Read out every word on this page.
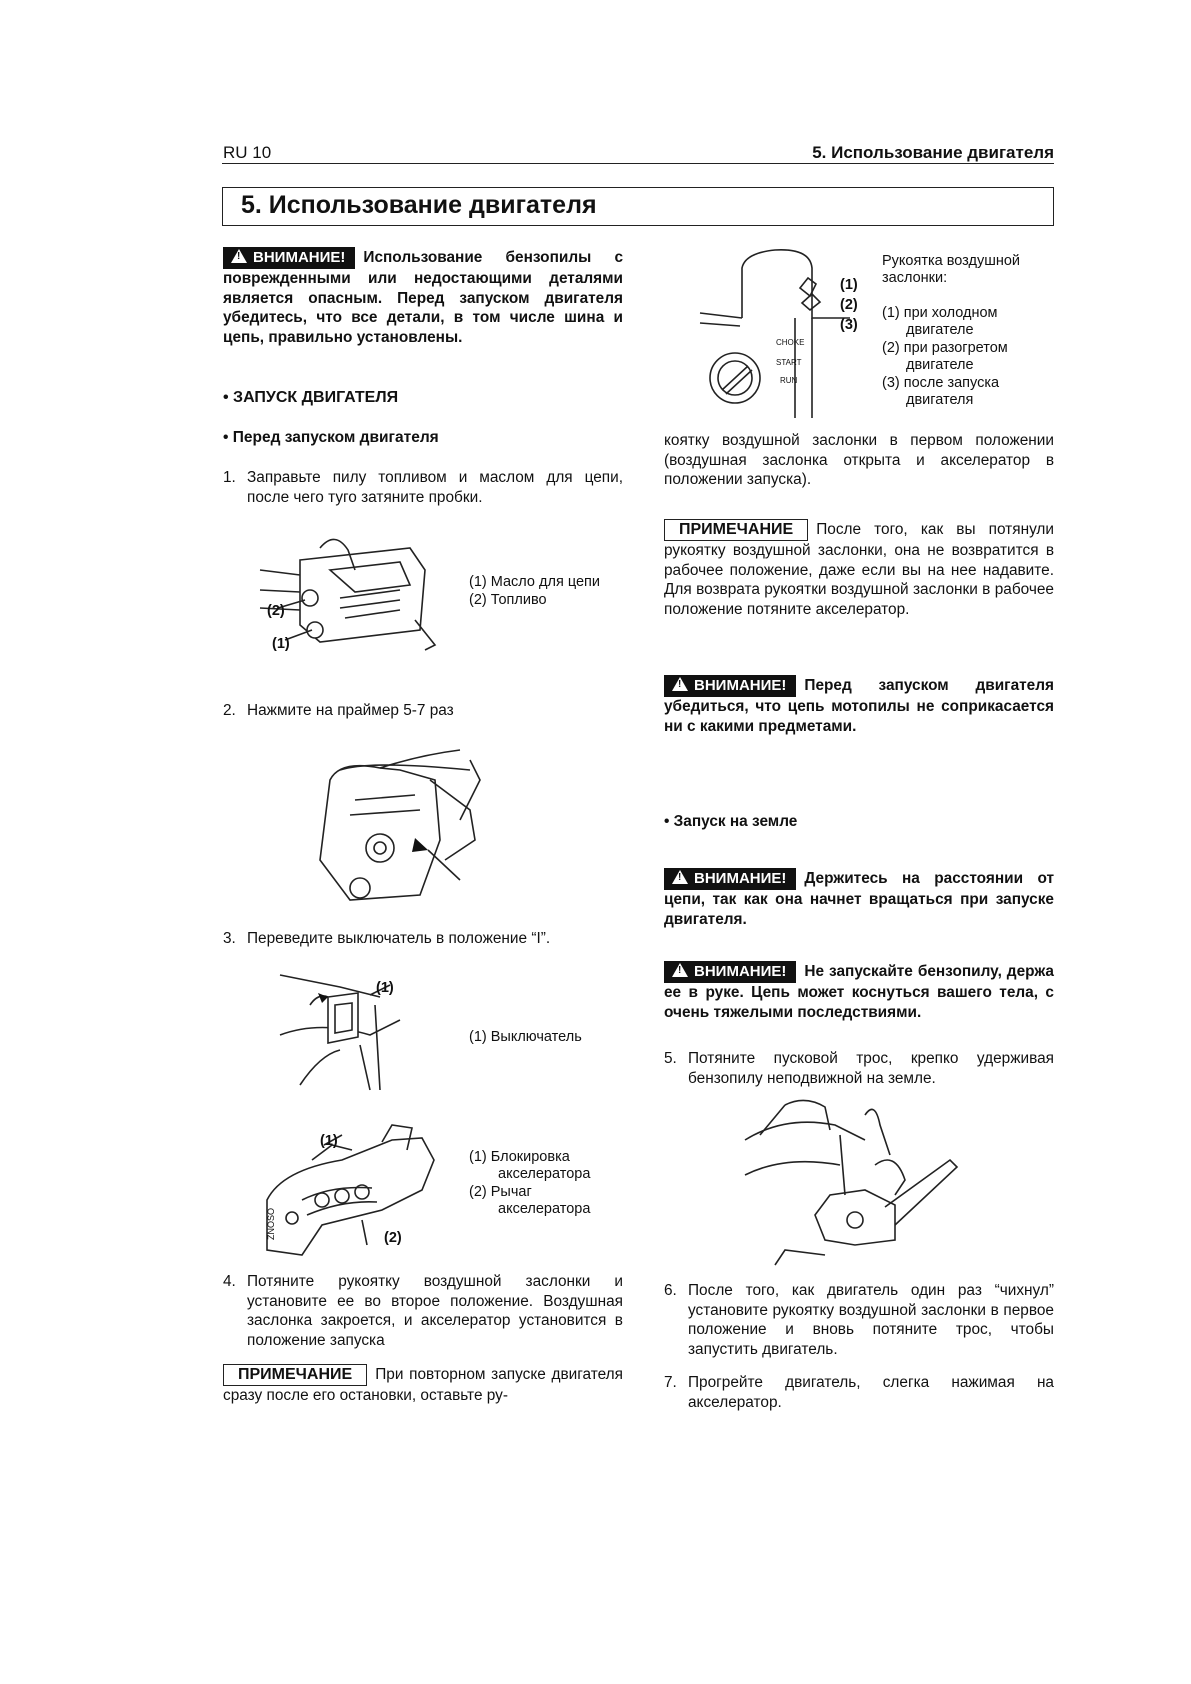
RU 10	5. Использование двигателя
5. Использование двигателя
! ВНИМАНИЕ! Использование бензопилы с поврежденными или недостающими деталями является опасным. Перед запуском двигателя убедитесь, что все детали, в том числе шина и цепь, правильно установлены.
• ЗАПУСК ДВИГАТЕЛЯ
• Перед запуском двигателя
1. Заправьте пилу топливом и маслом для цепи, после чего туго затяните пробки.
(2)
(1)
(1) Масло для цепи
(2) Топливо
2. Нажмите на праймер 5-7 раз
3. Переведите выключатель в положение “I”.
(1)
(1) Выключатель
(1)
(2)
ZNOSO
(1) Блокировка
акселератора
(2) Рычаг
акселератора
4. Потяните рукоятку воздушной заслонки и установите ее во второе положение. Воздушная заслонка закроется, и акселератор установится в положение запуска
ПРИМЕЧАНИЕ При повторном запуске двигателя сразу после его остановки, оставьте ру-
CHOKE
START
RUN
(1)
(2)
(3)
Рукоятка воздушной
заслонки:
(1) при холодном
двигателе
(2) при разогретом
двигателе
(3) после запуска
двигателя
коятку воздушной заслонки в первом положении (воздушная заслонка открыта и акселератор в положении запуска).
ПРИМЕЧАНИЕ После того, как вы потянули рукоятку воздушной заслонки, она не возвратится в рабочее положение, даже если вы на нее надавите. Для возврата рукоятки воздушной заслонки в рабочее положение потяните акселератор.
! ВНИМАНИЕ! Перед запуском двигателя убедиться, что цепь мотопилы не соприкасается ни с какими предметами.
• Запуск на земле
! ВНИМАНИЕ! Держитесь на расстоянии от цепи, так как она начнет вращаться при запуске двигателя.
! ВНИМАНИЕ! Не запускайте бензопилу, держа ее в руке. Цепь может коснуться вашего тела, с очень тяжелыми последствиями.
5. Потяните пусковой трос, крепко удерживая бензопилу неподвижной на земле.
6. После того, как двигатель один раз “чихнул” установите рукоятку воздушной заслонки в первое положение и вновь потяните трос, чтобы запустить двигатель.
7. Прогрейте двигатель, слегка нажимая на акселератор.
